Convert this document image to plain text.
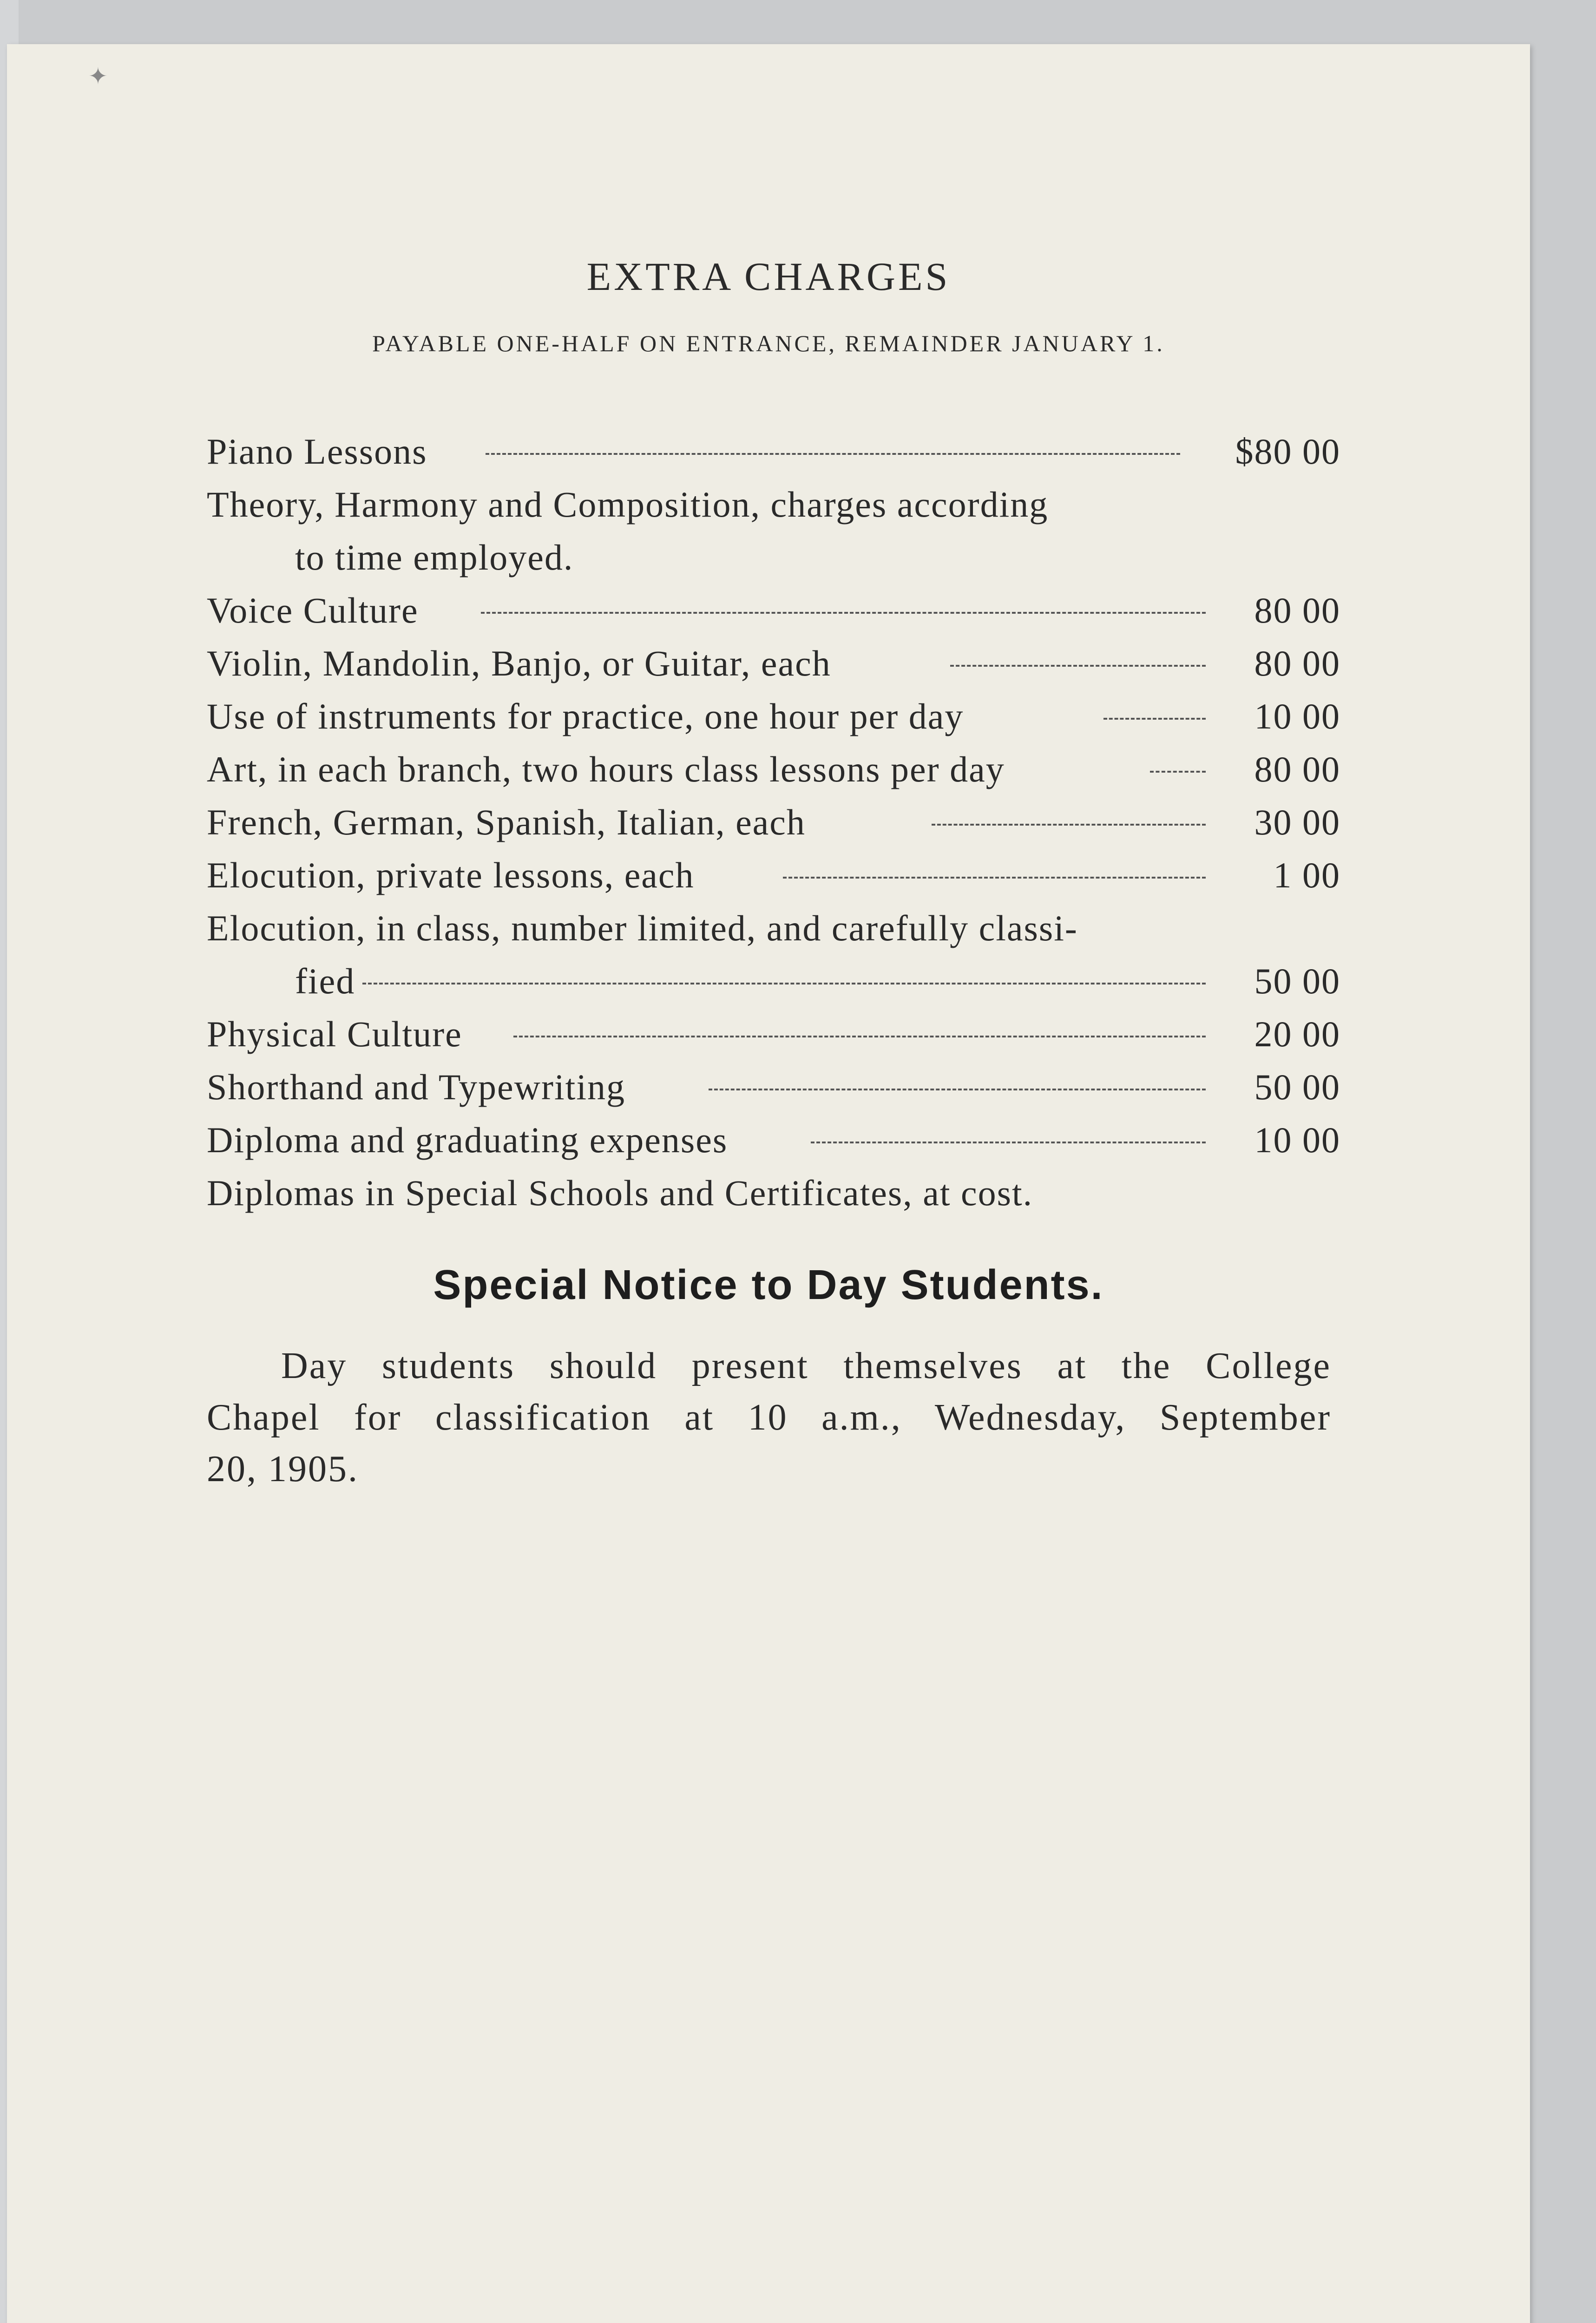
✦
EXTRA CHARGES
PAYABLE ONE-HALF ON ENTRANCE, REMAINDER JANUARY 1.
Piano Lessons	$80 00
Theory, Harmony and Composition, charges according
to time employed.
Voice Culture	80 00
Violin, Mandolin, Banjo, or Guitar, each	80 00
Use of instruments for practice, one hour per day	10 00
Art, in each branch, two hours class lessons per day	80 00
French, German, Spanish, Italian, each	30 00
Elocution, private lessons, each	1 00
Elocution, in class, number limited, and carefully classi-
fied	50 00
Physical Culture	20 00
Shorthand and Typewriting	50 00
Diploma and graduating expenses	10 00
Diplomas in Special Schools and Certificates, at cost.
Special Notice to Day Students.
Day students should present themselves at the College
Chapel for classification at 10 a.m., Wednesday, September
20, 1905.
